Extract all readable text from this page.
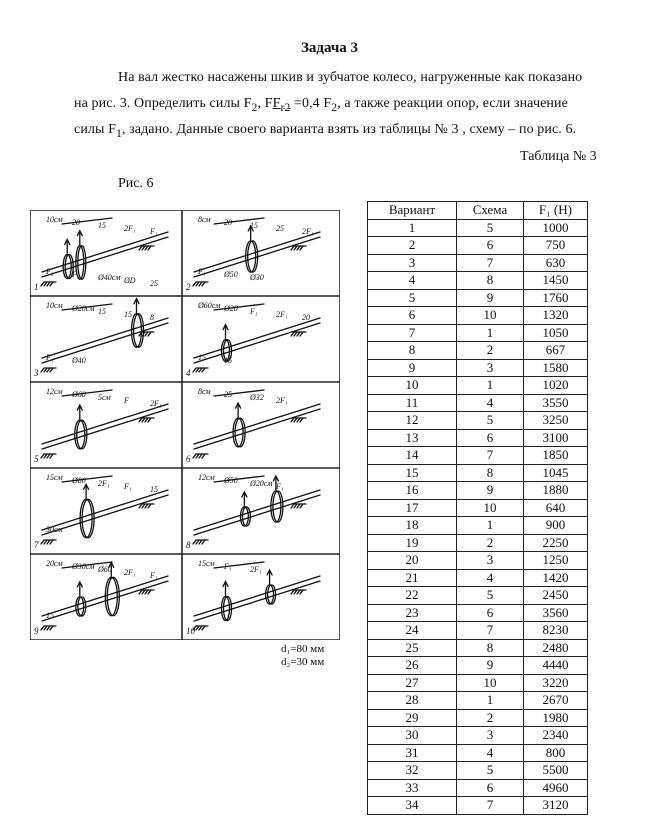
Задача 3
На вал жестко насажены шкив и зубчатое колесо, нагруженные как показано
на рис. 3. Определить силы $F_2$, $FF_{r2} =0,4$ $F_2$, а также реакции опор, если значение
силы $F_1$, задано. Данные своего варианта взять из таблицы № 3 , схему – по рис. 6.
Таблица № 3
Рис. 6
1
10см 20 15 2F₁ F₁
F₂ F₂ Ø40см ØD 25	2
8см 20 15 25 2F₁
F₁ Ø50 Ø30
3
10см Ø20см 15 15 8
F₁ Ø40
4
Ø60см Ø20 F₁ 2F₁ 20
15 15
5
12см Ø60 5см F	2F₁
6
8см 25 Ø32 2F₁
7
15см Ø80 2F₁ F₁ 15
30см
8
12см Ø50 Ø20см F₁
9
20см Ø30см Ø60 2F₁ F₁
15
10
15см F₁ 2F₁
d₁=80 мм
d₂=30 мм
Вариант	Схема	F₁ (H)
1	5	1000
2	6	750
3	7	630
4	8	1450
5	9	1760
6	10	1320
7	1	1050
8	2	667
9	3	1580
10	1	1020
11	4	3550
12	5	3250
13	6	3100
14	7	1850
15	8	1045
16	9	1880
17	10	640
18	1	900
19	2	2250
20	3	1250
21	4	1420
22	5	2450
23	6	3560
24	7	8230
25	8	2480
26	9	4440
27	10	3220
28	1	2670
29	2	1980
30	3	2340
31	4	800
32	5	5500
33	6	4960
34	7	3120
